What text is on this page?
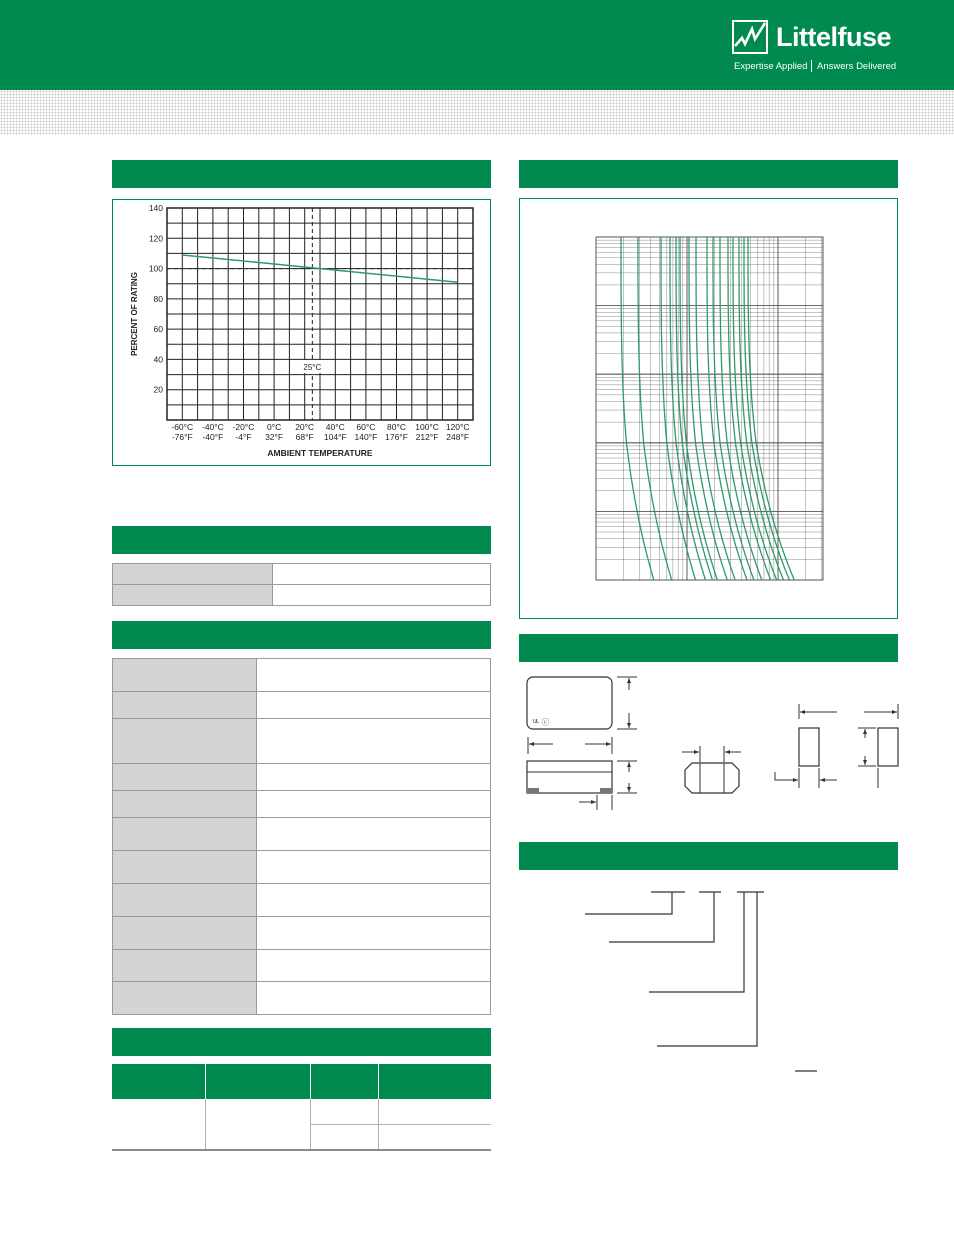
Littelfuse
Expertise Applied Answers Delivered
25°C
20
40
60
80
100
120
140
-60°C
-76°F
-40°C
-40°F
-20°C
-4°F
0°C
32°F
20°C
68°F
40°C
104°F
60°C
140°F
80°C
176°F
100°C
212°F
120°C
248°F
AMBIENT TEMPERATURE
PERCENT OF RATING

ᵁᴸ ⓒ
